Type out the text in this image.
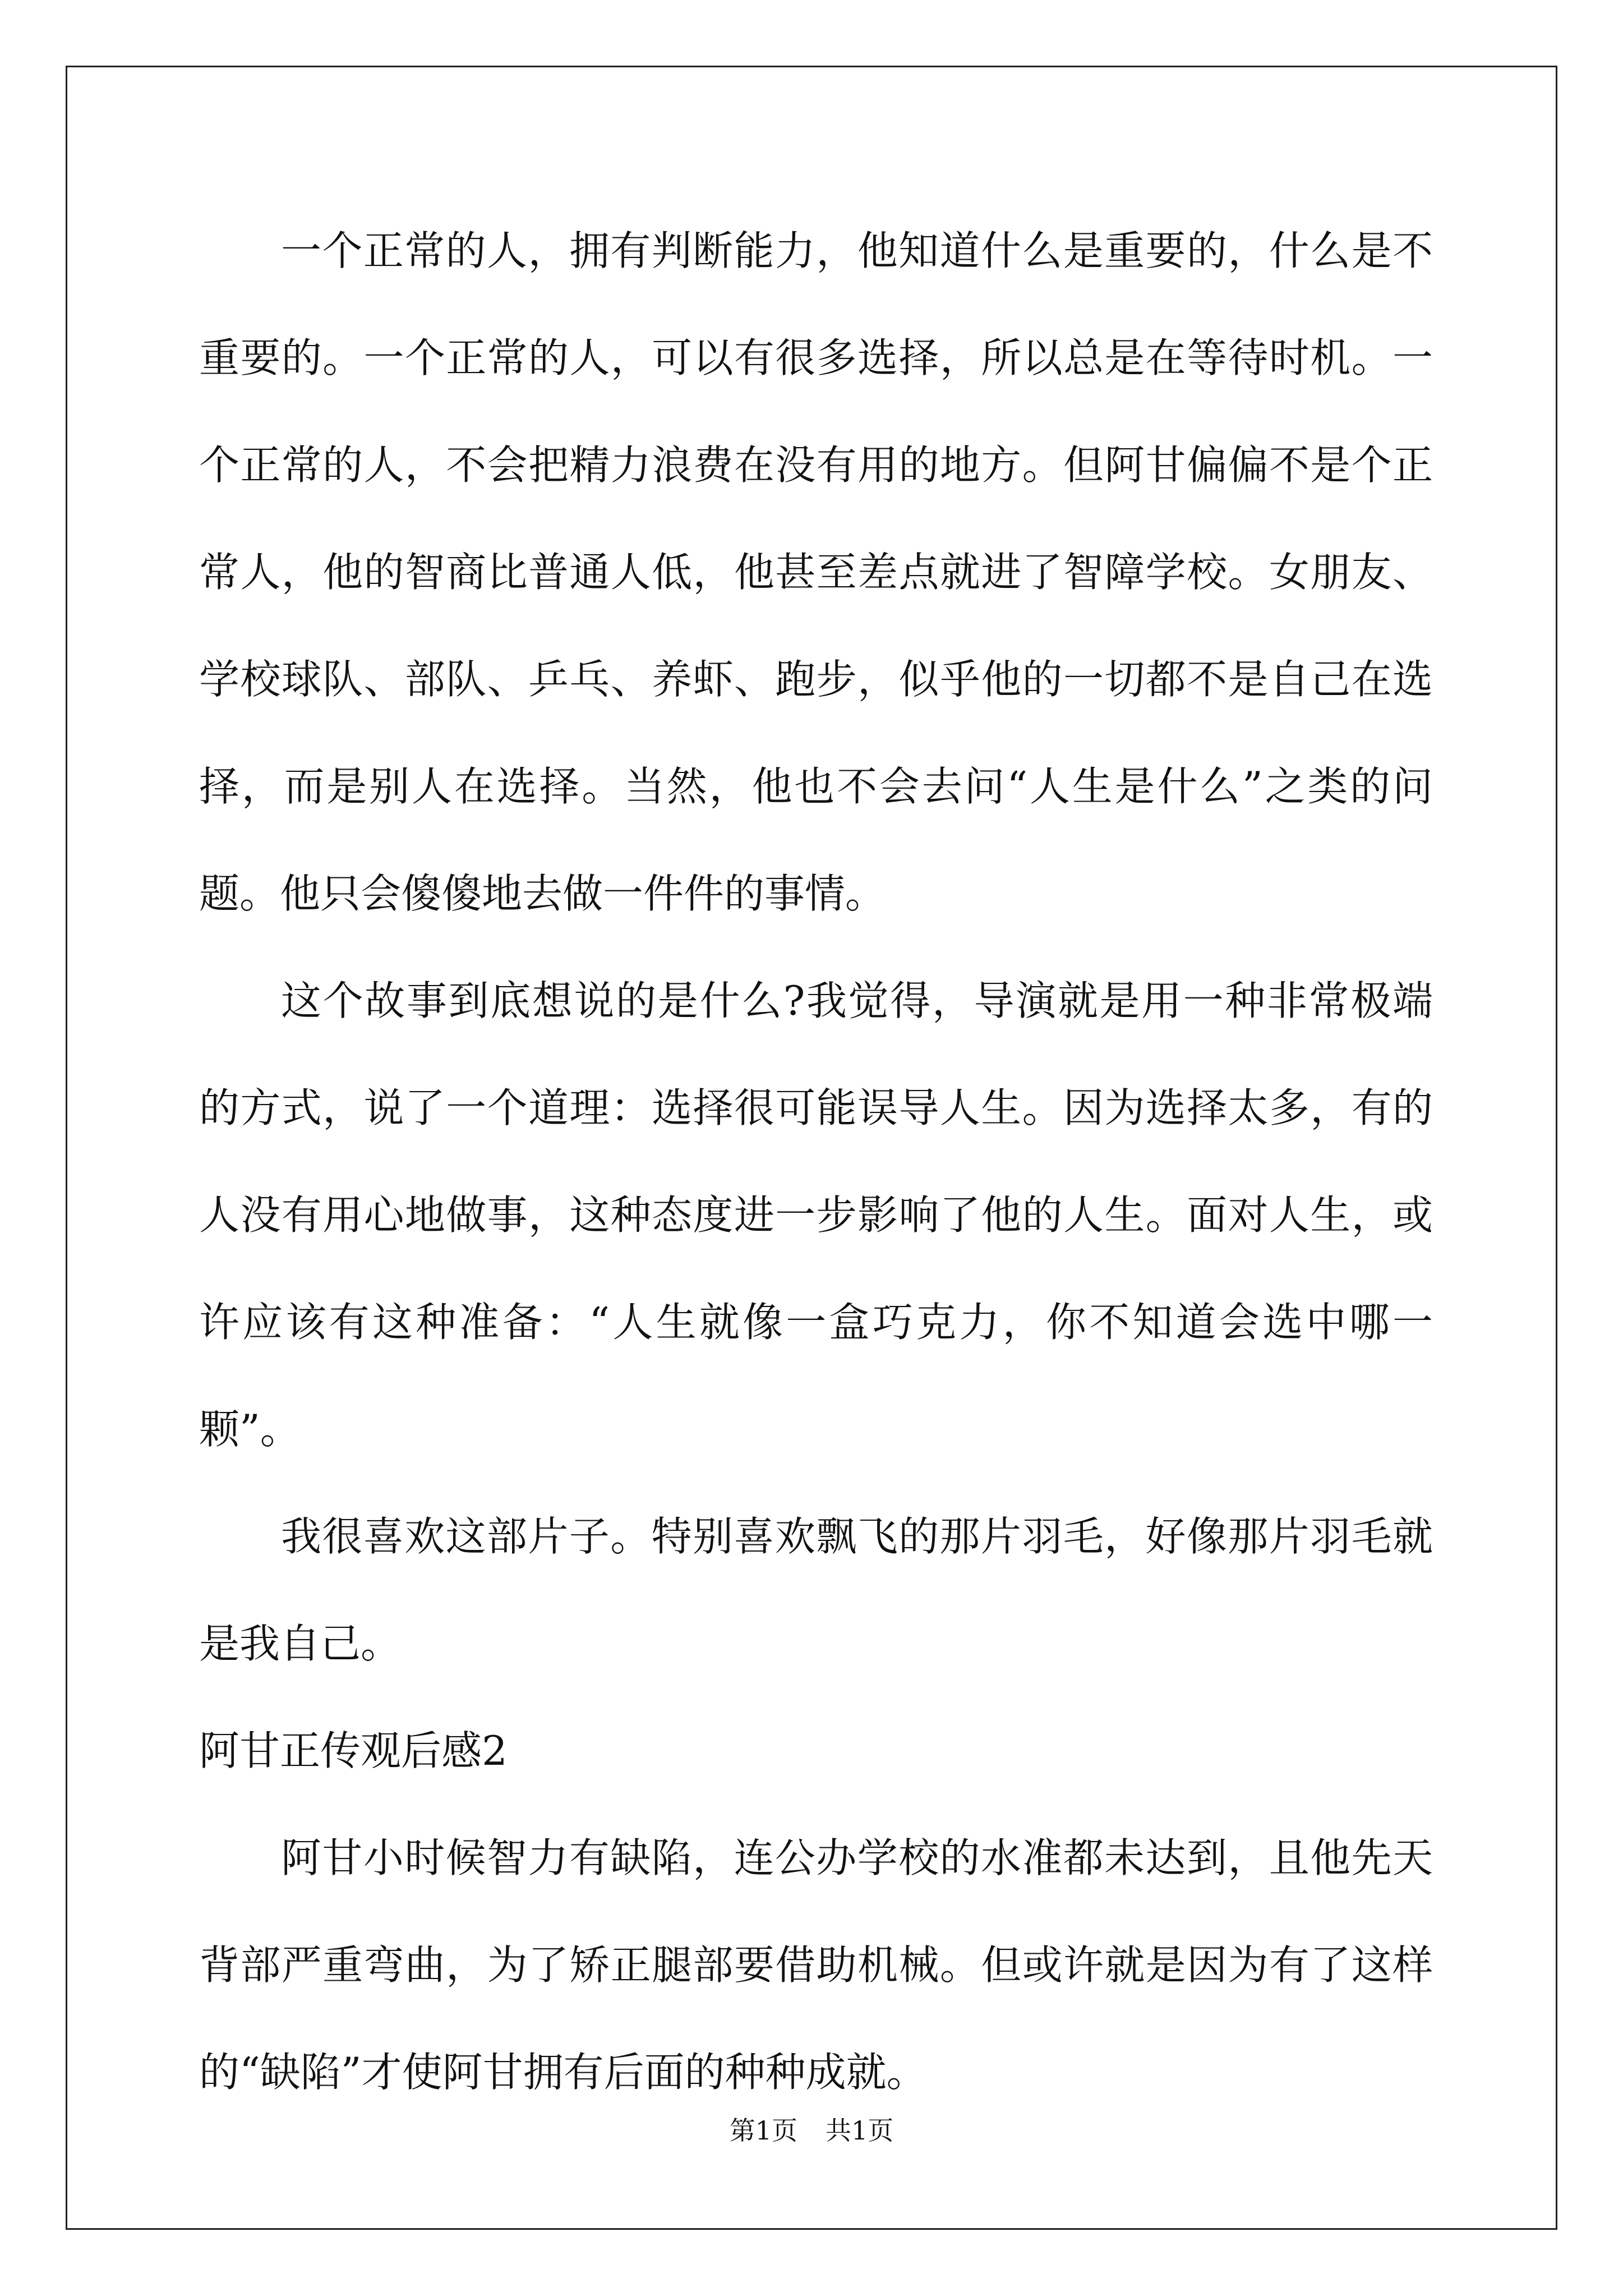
一个正常的人，拥有判断能力，他知道什么是重要的，什么是不重要的。一个正常的人，可以有很多选择，所以总是在等待时机。一个正常的人，不会把精力浪费在没有用的地方。但阿甘偏偏不是个正常人，他的智商比普通人低，他甚至差点就进了智障学校。女朋友、学校球队、部队、乒乓、养虾、跑步，似乎他的一切都不是自己在选择，而是别人在选择。当然，他也不会去问“人生是什么”之类的问题。他只会傻傻地去做一件件的事情。

这个故事到底想说的是什么?我觉得，导演就是用一种非常极端的方式，说了一个道理：选择很可能误导人生。因为选择太多，有的人没有用心地做事，这种态度进一步影响了他的人生。面对人生，或许应该有这种准备：“人生就像一盒巧克力，你不知道会选中哪一颗”。

我很喜欢这部片子。特别喜欢飘飞的那片羽毛，好像那片羽毛就是我自己。

阿甘正传观后感2

阿甘小时候智力有缺陷，连公办学校的水准都未达到，且他先天背部严重弯曲，为了矫正腿部要借助机械。但或许就是因为有了这样的“缺陷”才使阿甘拥有后面的种种成就。

第1页 共1页
